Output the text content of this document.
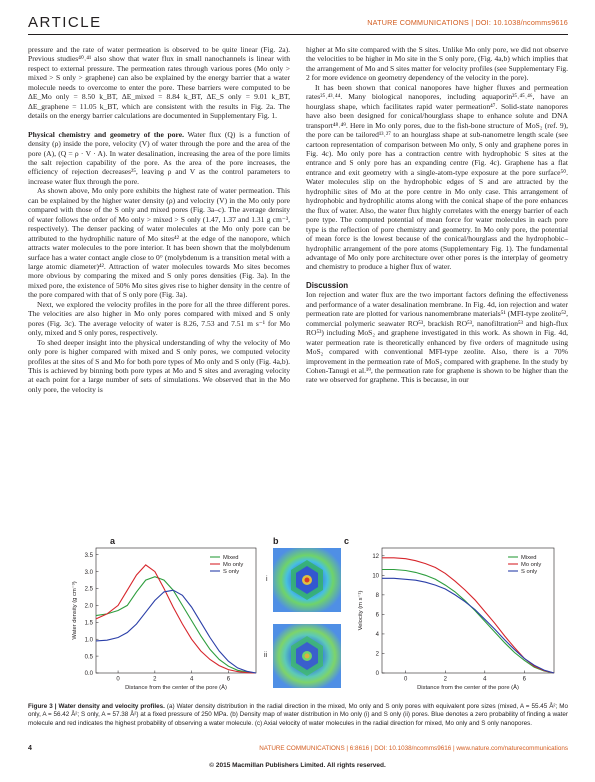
ARTICLE	NATURE COMMUNICATIONS | DOI: 10.1038/ncomms9616

pressure and the rate of water permeation is observed to be quite linear (Fig. 2a). Previous studies⁴⁰˒⁴¹ also show that water flux in small nanochannels is linear with respect to external pressure. The permeation rates through various pores (Mo only > mixed > S only > graphene) can also be explained by the energy barrier that a water molecule needs to overcome to enter the pore. These barriers were computed to be ΔE_Mo only = 8.50 k_BT, ΔE_mixed = 8.84 k_BT, ΔE_S only = 9.01 k_BT, ΔE_graphene = 11.05 k_BT, which are consistent with the results in Fig. 2a. The details on the energy barrier calculations are documented in Supplementary Fig. 1.

Physical chemistry and geometry of the pore. Water flux (Q) is a function of density (ρ) inside the pore, velocity (V) of water through the pore and the area of the pore (A), (Q = ρ · V · A). In water desalination, increasing the area of the pore limits the salt rejection capability of the pore. As the area of the pore increases, the efficiency of rejection decreases²⁵, leaving ρ and V as the control parameters to increase water flux through the pore.

As shown above, Mo only pore exhibits the highest rate of water permeation. This can be explained by the higher water density (ρ) and velocity (V) in the Mo only pore compared with those of the S only and mixed pores (Fig. 3a–c). The average density of water follows the order of Mo only > mixed > S only (1.47, 1.37 and 1.31 g cm⁻³, respectively). The denser packing of water molecules at the Mo only pore can be attributed to the hydrophilic nature of Mo sites⁴² at the edge of the nanopore, which attracts water molecules to the pore interior. It has been shown that the molybdenum surface has a water contact angle close to 0° (molybdenum is a transition metal with a large atomic diameter)⁴². Attraction of water molecules towards Mo sites becomes more obvious by comparing the mixed and S only pores densities (Fig. 3a). In the mixed pore, the existence of 50% Mo sites gives rise to higher density in the centre of the pore compared with that of S only pore (Fig. 3a).

Next, we explored the velocity profiles in the pore for all the three different pores. The velocities are also higher in Mo only pores compared with mixed and S only pores (Fig. 3c). The average velocity of water is 8.26, 7.53 and 7.51 m s⁻¹ for Mo only, mixed and S only pores, respectively.

To shed deeper insight into the physical understanding of why the velocity of Mo only pore is higher compared with mixed and S only pores, we computed velocity profiles at the sites of S and Mo for both pore types of Mo only and S only (Fig. 4a,b). This is achieved by binning both pore types at Mo and S sites and averaging velocity at each point for a large number of sets of simulations. We observed that in the Mo only pore, the velocity is

higher at Mo site compared with the S sites. Unlike Mo only pore, we did not observe the velocities to be higher in Mo site in the S only pore, (Fig. 4a,b) which implies that the arrangement of Mo and S sites matter for velocity profiles (see Supplementary Fig. 2 for more evidence on geometry dependency of the velocity in the pore).

It has been shown that conical nanopores have higher fluxes and permeation rates²⁵˒⁴³˒⁴⁴. Many biological nanopores, including aquaporin²⁵˒⁴⁵˒⁴⁶, have an hourglass shape, which facilitates rapid water permeation⁴⁷. Solid-state nanopores have also been designed for conical/hourglass shape to enhance solute and DNA transport⁴⁸˒⁴⁹. Here in Mo only pores, due to the fish-bone structure of MoS₂ (ref. 9), the pore can be tailored¹³˒²⁷ to an hourglass shape at sub-nanometre length scale (see cartoon representation of comparison between Mo only, S only and graphene pores in Fig. 4c). Mo only pore has a contraction centre with hydrophobic S sites at the entrance and S only pore has an expanding centre (Fig. 4c). Graphene has a flat entrance and exit geometry with a single-atom-type exposure at the pore surface⁵⁰. Water molecules slip on the hydrophobic edges of S and are attracted by the hydrophilic sites of Mo at the pore centre in Mo only case. This arrangement of hydrophobic and hydrophilic atoms along with the conical shape of the pore enhances the flux of water. Also, the water flux highly correlates with the energy barrier of each pore type. The computed potential of mean force for water molecules in each pore type is the reflection of pore chemistry and geometry. In Mo only pore, the potential of mean force is the lowest because of the conical/hourglass and the hydrophobic–hydrophilic arrangement of the pore atoms (Supplementary Fig. 1). The fundamental advantage of Mo only pore architecture over other pores is the interplay of geometry and chemistry to produce a higher flux of water.

Discussion

Ion rejection and water flux are the two important factors defining the effectiveness and performance of a water desalination membrane. In Fig. 4d, ion rejection and water permeation rate are plotted for various nanomembrane materials⁵¹ (MFI-type zeolite⁵², commercial polymeric seawater RO⁵³, brackish RO⁵³, nanofiltration⁵³ and high-flux RO⁵³) including MoS₂ and graphene investigated in this work. As shown in Fig. 4d, water permeation rate is theoretically enhanced by five orders of magnitude using MoS₂ compared with conventional MFI-type zeolite. Also, there is a 70% improvement in the permeation rate of MoS₂ compared with graphene. In the study by Cohen-Tanugi et al.¹⁹, the permeation rate for graphene is shown to be higher than the rate we observed for graphene. This is because, in our

a	b	c
0.0
0.5
1.0
1.5
2.0
2.5
3.0
3.5
0	2	4	6
Distance from the center of the pore (Å)
Water density (g cm⁻³)
Mixed
Mo only
S only
i
ii
0
2
4
6
8
10
12
0	2	4	6
Distance from the center of the pore (Å)
Velocity (m s⁻¹)
Mixed
Mo only
S only
Figure 3 | Water density and velocity profiles. (a) Water density distribution in the radial direction in the mixed, Mo only and S only pores with equivalent pore sizes (mixed, A = 55.45 Å²; Mo only, A = 56.42 Å²; S only, A = 57.38 Å²) at a fixed pressure of 250 MPa. (b) Density map of water distribution in Mo only (i) and S only (ii) pores. Blue denotes a zero probability of finding a water molecule and red indicates the highest probability of observing a water molecule. (c) Axial velocity of water molecules in the radial direction for mixed, Mo only and S only nanopores.
4	NATURE COMMUNICATIONS | 6:8616 | DOI: 10.1038/ncomms9616 | www.nature.com/naturecommunications
© 2015 Macmillan Publishers Limited. All rights reserved.
